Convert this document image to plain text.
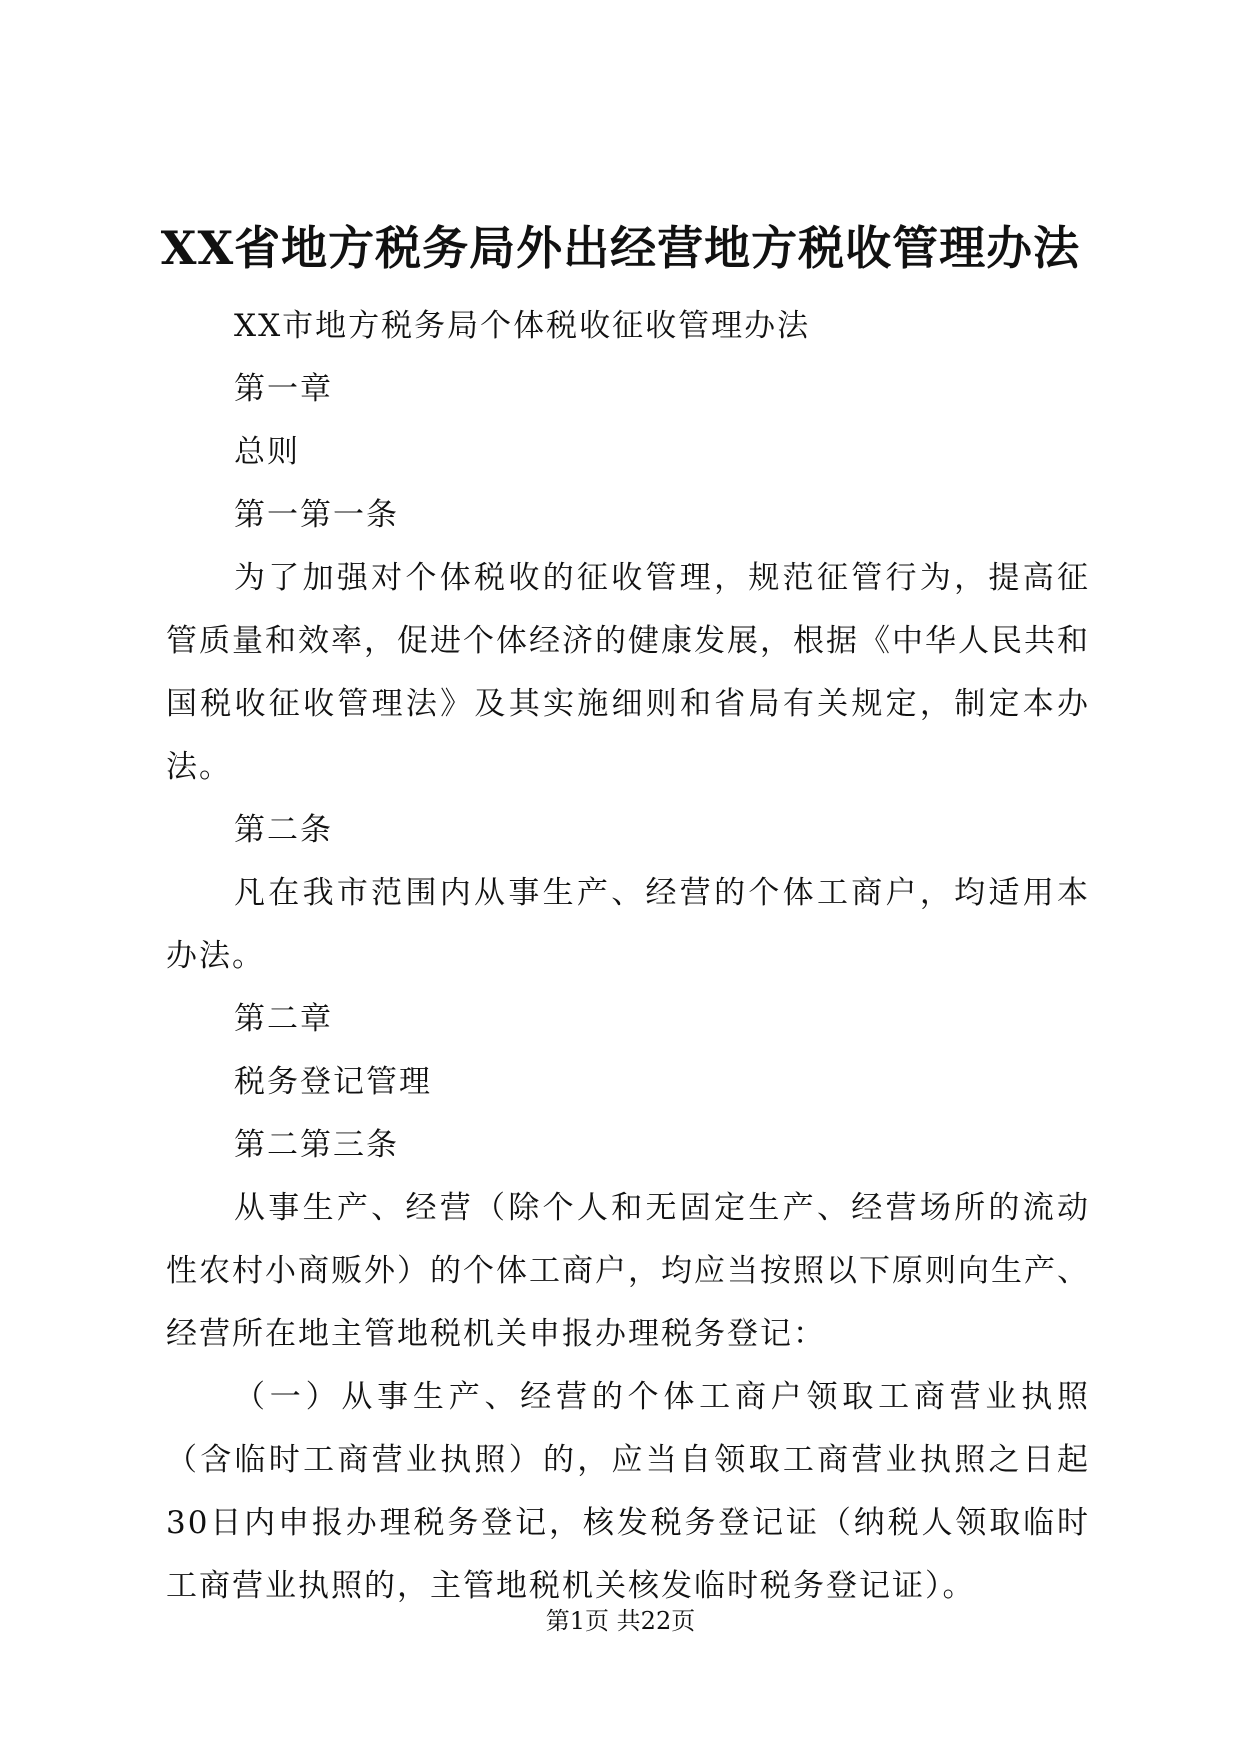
XX省地方税务局外出经营地方税收管理办法

XX市地方税务局个体税收征收管理办法

第一章

总则

第一第一条

为了加强对个体税收的征收管理，规范征管行为，提高征管质量和效率，促进个体经济的健康发展，根据《中华人民共和国税收征收管理法》及其实施细则和省局有关规定，制定本办法。

第二条

凡在我市范围内从事生产、经营的个体工商户，均适用本办法。

第二章

税务登记管理

第二第三条

从事生产、经营（除个人和无固定生产、经营场所的流动性农村小商贩外）的个体工商户，均应当按照以下原则向生产、经营所在地主管地税机关申报办理税务登记：

（一）从事生产、经营的个体工商户领取工商营业执照（含临时工商营业执照）的，应当自领取工商营业执照之日起30日内申报办理税务登记，核发税务登记证（纳税人领取临时工商营业执照的，主管地税机关核发临时税务登记证）。

第1页 共22页
